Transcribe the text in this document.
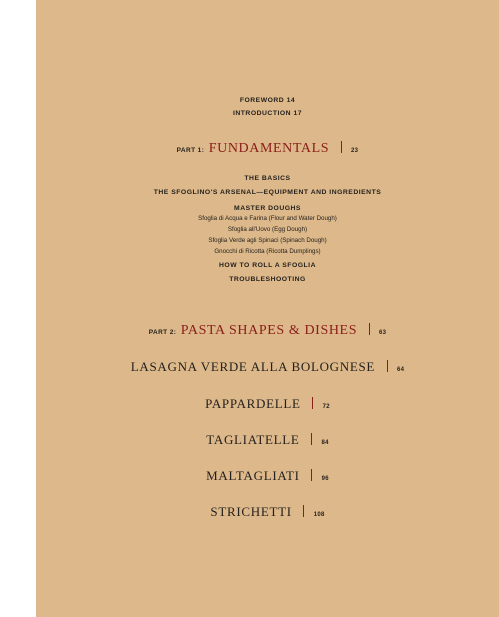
FOREWORD 14
INTRODUCTION 17
PART 1: FUNDAMENTALS	23
THE BASICS
THE SFOGLINO'S ARSENAL—EQUIPMENT AND INGREDIENTS
MASTER DOUGHS
Sfoglia di Acqua e Farina (Flour and Water Dough)
Sfoglia all'Uovo (Egg Dough)
Sfoglia Verde agli Spinaci (Spinach Dough)
Gnocchi di Ricotta (Ricotta Dumplings)
HOW TO ROLL A SFOGLIA
TROUBLESHOOTING
PART 2: PASTA SHAPES & DISHES	63
LASAGNA VERDE ALLA BOLOGNESE	64
PAPPARDELLE	72
TAGLIATELLE	84
MALTAGLIATI	96
STRICHETTI	108
